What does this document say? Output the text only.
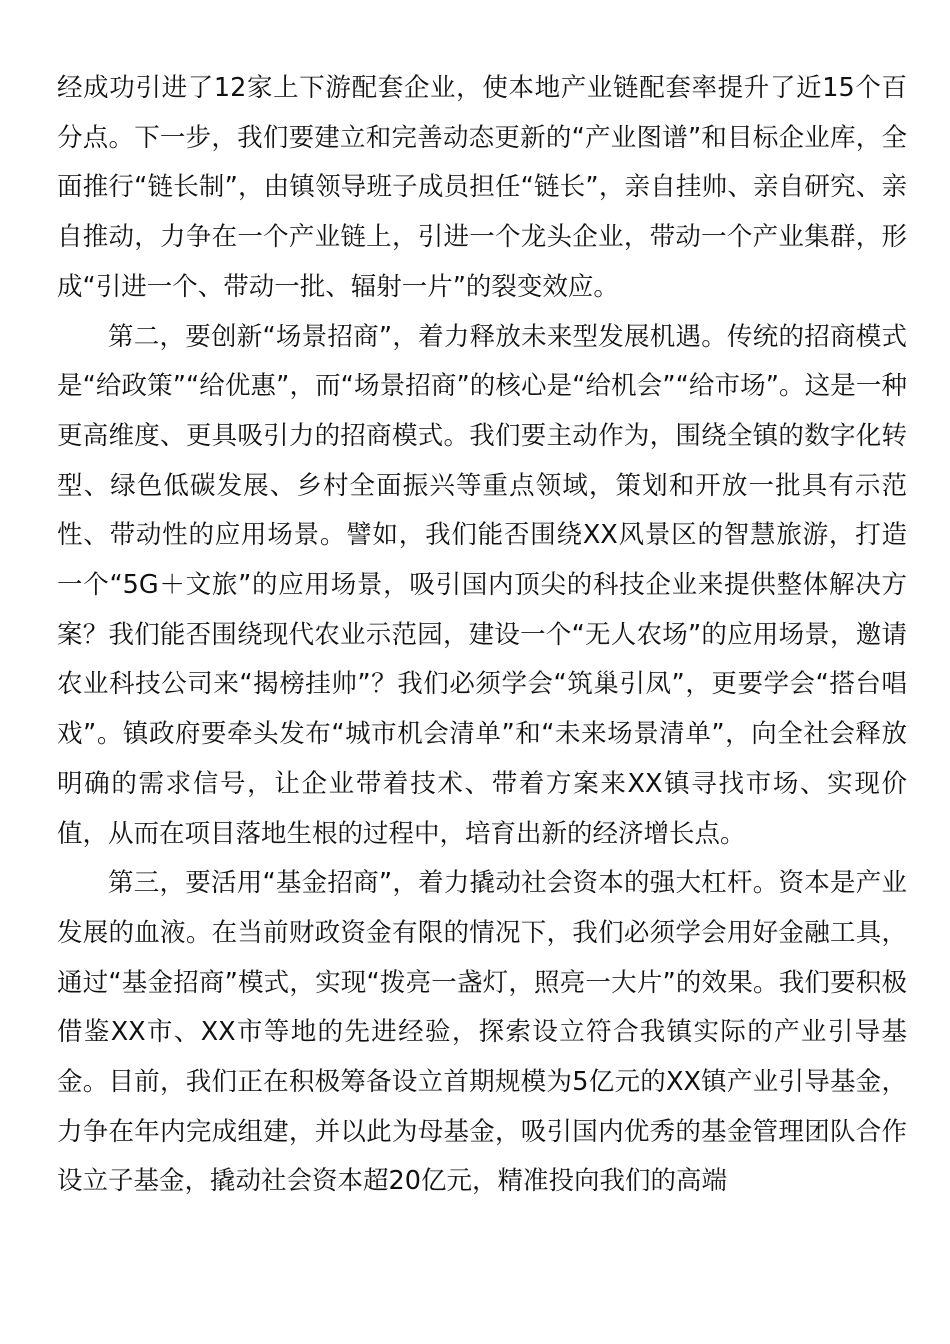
经成功引进了12家上下游配套企业，使本地产业链配套率提升了近15个百分点。下一步，我们要建立和完善动态更新的“产业图谱”和目标企业库，全面推行“链长制”，由镇领导班子成员担任“链长”，亲自挂帅、亲自研究、亲自推动，力争在一个产业链上，引进一个龙头企业，带动一个产业集群，形成“引进一个、带动一批、辐射一片”的裂变效应。

第二，要创新“场景招商”，着力释放未来型发展机遇。传统的招商模式是“给政策”“给优惠”，而“场景招商”的核心是“给机会”“给市场”。这是一种更高维度、更具吸引力的招商模式。我们要主动作为，围绕全镇的数字化转型、绿色低碳发展、乡村全面振兴等重点领域，策划和开放一批具有示范性、带动性的应用场景。譬如，我们能否围绕XX风景区的智慧旅游，打造一个“5G＋文旅”的应用场景，吸引国内顶尖的科技企业来提供整体解决方案？我们能否围绕现代农业示范园，建设一个“无人农场”的应用场景，邀请农业科技公司来“揭榜挂帅”？我们必须学会“筑巢引凤”，更要学会“搭台唱戏”。镇政府要牵头发布“城市机会清单”和“未来场景清单”，向全社会释放明确的需求信号，让企业带着技术、带着方案来XX镇寻找市场、实现价值，从而在项目落地生根的过程中，培育出新的经济增长点。

第三，要活用“基金招商”，着力撬动社会资本的强大杠杆。资本是产业发展的血液。在当前财政资金有限的情况下，我们必须学会用好金融工具，通过“基金招商”模式，实现“拨亮一盏灯，照亮一大片”的效果。我们要积极借鉴XX市、XX市等地的先进经验，探索设立符合我镇实际的产业引导基金。目前，我们正在积极筹备设立首期规模为5亿元的XX镇产业引导基金，力争在年内完成组建，并以此为母基金，吸引国内优秀的基金管理团队合作设立子基金，撬动社会资本超20亿元，精准投向我们的高端
